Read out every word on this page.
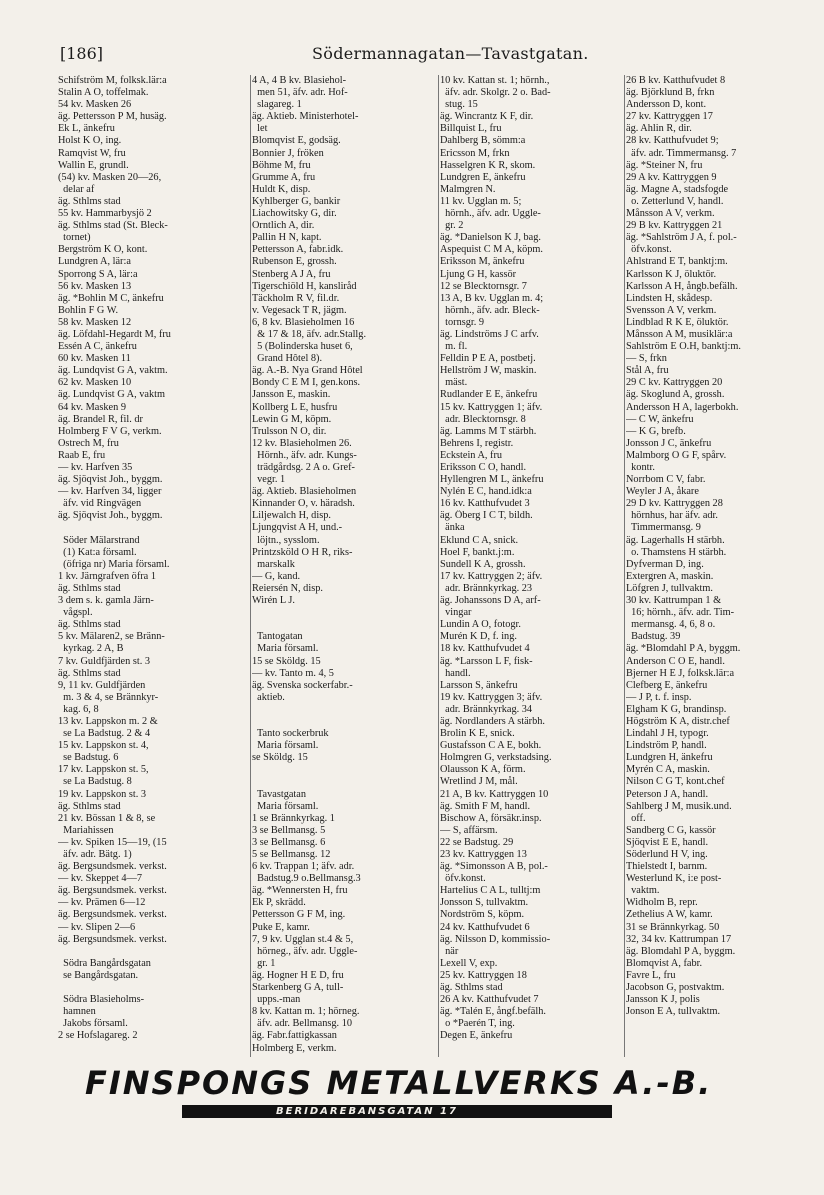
[186]	Södermannagatan—Tavastgatan.
Schifström M, folksk.lär:a
Stalin A O, toffelmak.
54 kv. Masken 26
äg. Pettersson P M, husäg.
Ek L, änkefru
Holst K O, ing.
Ramqvist W, fru
Wallin E, grundl.
(54) kv. Masken 20—26,
delar af
äg. Sthlms stad
55 kv. Hammarbysjö 2
äg. Sthlms stad (St. Bleck-
tornet)
Bergström K O, kont.
Lundgren A, lär:a
Sporrong S A, lär:a
56 kv. Masken 13
äg. *Bohlin M C, änkefru
Bohlin F G W.
58 kv. Masken 12
äg. Löfdahl-Hegardt M, fru
Essén A C, änkefru
60 kv. Masken 11
äg. Lundqvist G A, vaktm.
62 kv. Masken 10
äg. Lundqvist G A, vaktm
64 kv. Masken 9
äg. Brandel R, fil. dr
Holmberg F V G, verkm.
Ostrech M, fru
Raab E, fru
— kv. Harfven 35
äg. Sjöqvist Joh., byggm.
— kv. Harfven 34, ligger
äfv. vid Ringvägen
äg. Sjöqvist Joh., byggm.

Söder Mälarstrand
(1) Kat:a församl.
(öfriga nr) Maria församl.
1 kv. Järngrafven öfra 1
äg. Sthlms stad
3 dem s. k. gamla Järn-
vågspl.
äg. Sthlms stad
5 kv. Mälaren2, se Bränn-
kyrkag. 2 A, B
7 kv. Guldfjärden st. 3
äg. Sthlms stad
9, 11 kv. Guldfjärden
m. 3 & 4, se Brännkyr-
kag. 6, 8
13 kv. Lappskon m. 2 &
se La Badstug. 2 & 4
15 kv. Lappskon st. 4,
se Badstug. 6
17 kv. Lappskon st. 5,
se La Badstug. 8
19 kv. Lappskon st. 3
äg. Sthlms stad
21 kv. Bössan 1 & 8, se
Mariahissen
— kv. Spiken 15—19, (15
äfv. adr. Bätg. 1)
äg. Bergsundsmek. verkst.
— kv. Skeppet 4—7
äg. Bergsundsmek. verkst.
— kv. Prämen 6—12
äg. Bergsundsmek. verkst.
— kv. Slipen 2—6
äg. Bergsundsmek. verkst.

Södra Bangårdsgatan
se Bangårdsgatan.

Södra Blasieholms-
hamnen
Jakobs församl.
2 se Hofslagareg. 2
4 A, 4 B kv. Blasiehol-
men 51, äfv. adr. Hof-
slagareg. 1
äg. Aktieb. Ministerhotel-
let
Blomqvist E, godsäg.
Bonnier J, fröken
Böhme M, fru
Grumme A, fru
Huldt K, disp.
Kyhlberger G, bankir
Liachowitsky G, dir.
Orntlich A, dir.
Pallin H N, kapt.
Pettersson A, fabr.idk.
Rubenson E, grossh.
Stenberg A J A, fru
Tigerschiöld H, kanslіråd
Täckholm R V, fil.dr.
v. Vegesack T R, jägm.
6, 8 kv. Blasieholmen 16
& 17 & 18, äfv. adr.Stallg.
5 (Bolinderska huset 6,
Grand Hôtel 8).
äg. A.-B. Nya Grand Hôtel
Bondy C E M I, gen.kons.
Jansson E, maskin.
Kollberg L E, husfru
Lewin G M, köpm.
Trulsson N O, dir.
12 kv. Blasieholmen 26.
Hörnh., äfv. adr. Kungs-
trädgårdsg. 2 A o. Gref-
vegr. 1
äg. Aktieb. Blasieholmen
Kinnander O, v. häradsh.
Liljewalch H, disp.
Ljungqvist A H, und.-
löjtn., sysslom.
Printzsköld O H R, riks-
marskalk
— G, kand.
Reiersén N, disp.
Wirén L J.

Tantogatan
Maria församl.
15 se Sköldg. 15
— kv. Tanto m. 4, 5
äg. Svenska sockerfabr.-
aktieb.

Tanto sockerbruk
Maria församl.
se Sköldg. 15

Tavastgatan
Maria församl.
1 se Brännkyrkag. 1
3 se Bellmansg. 5
3 se Bellmansg. 6
5 se Bellmansg. 12
6 kv. Trappan 1; äfv. adr.
Badstug.9 o.Bellmansg.3
äg. *Wennersten H, fru
Ek P, skrädd.
Pettersson G F M, ing.
Puke E, kamr.
7, 9 kv. Ugglan st.4 & 5,
hörneg., äfv. adr. Uggle-
gr. 1
äg. Hogner H E D, fru
Starkenberg G A, tull-
upps.-man
8 kv. Kattan m. 1; hörneg.
äfv. adr. Bellmansg. 10
äg. Fabr.fattigkassan
Holmberg E, verkm.
10 kv. Kattan st. 1; hörnh.,
äfv. adr. Skolgr. 2 o. Bad-
stug. 15
äg. Wincrantz K F, dir.
Billquist L, fru
Dahlberg B, sömm:a
Ericsson M, frkn
Hasselgren K R, skom.
Lundgren E, änkefru
Malmgren N.
11 kv. Ugglan m. 5;
hörnh., äfv. adr. Uggle-
gr. 2
äg. *Danielson K J, bag.
Aspequist C M A, köpm.
Eriksson M, änkefru
Ljung G H, kassör
12 se Bleсktornsgr. 7
13 A, B kv. Ugglan m. 4;
hörnh., äfv. adr. Bleck-
tornsgr. 9
äg. Lindströms J C arfv.
m. fl.
Felldin P E A, postbetj.
Hellström J W, maskin.
mäst.
Rudlander E E, änkefru
15 kv. Kattryggen 1; äfv.
adr. Blecktornsgr. 8
äg. Lamms M T stärbh.
Behrens I, registr.
Eckstein A, fru
Eriksson C O, handl.
Hyllengren M L, änkefru
Nylén E C, hand.idk:a
16 kv. Katthufvudet 3
äg. Öberg I C T, bildh.
änka
Eklund C A, snick.
Hoel F, bankt.j:m.
Sundell K A, grossh.
17 kv. Kattryggen 2; äfv.
adr. Brännkyrkag. 23
äg. Johanssons D A, arf-
vingar
Lundin A O, fotogr.
Murén K D, f. ing.
18 kv. Katthufvudet 4
äg. *Larsson L F, fisk-
handl.
Larsson S, änkefru
19 kv. Kattryggen 3; äfv.
adr. Brännkyrkag. 34
äg. Nordlanders A stärbh.
Brolin K E, snick.
Gustafsson C A E, bokh.
Holmgren G, verkstadsing.
Olausson K A, förm.
Wretlind J M, mål.
21 A, B kv. Kattryggen 10
äg. Smith F M, handl.
Bischow A, försäkr.insp.
— S, affärsm.
22 se Badstug. 29
23 kv. Kattryggen 13
äg. *Simonsson A B, pol.-
öfv.konst.
Hartelius C A L, tulltj:m
Jonsson S, tullvaktm.
Nordström S, köpm.
24 kv. Katthufvudet 6
äg. Nilsson D, kommissio-
när
Lexell V, exp.
25 kv. Kattryggen 18
äg. Sthlms stad
26 A kv. Katthufvudet 7
äg. *Talén E, ångf.befälh.
o *Paerén T, ing.
Degen E, änkefru
26 B kv. Katthufvudet 8
äg. Björklund B, frkn
Andersson D, kont.
27 kv. Kattryggen 17
äg. Ahlin R, dir.
28 kv. Katthufvudet 9;
äfv. adr. Timmermansg. 7
äg. *Steiner N, fru
29 A kv. Kattryggen 9
äg. Magne A, stadsfogde
o. Zetterlund V, handl.
Månsson A V, verkm.
29 B kv. Kattryggen 21
äg. *Sahlström J A, f. pol.-
öfv.konst.
Ahlstrand E T, banktj:m.
Karlsson K J, öluktör.
Karlsson A H, ångb.befälh.
Lindsten H, skådesp.
Svensson A V, verkm.
Lindblad R K E, öluktör.
Månsson A M, musiklär:a
Sahlström E O.H, banktj:m.
— S, frkn
Stål A, fru
29 C kv. Kattryggen 20
äg. Skoglund A, grossh.
Andersson H A, lagerbokh.
— C W, änkefru
— K G, brefb.
Jonsson J C, änkefru
Malmborg O G F, spårv.
kontr.
Norrbom C V, fabr.
Weyler J A, åkare
29 D kv. Kattryggen 28
hörnhus, har äfv. adr.
Timmermansg. 9
äg. Lagerhalls H stärbh.
o. Thamstens H stärbh.
Dyfverman D, ing.
Extergren A, maskin.
Löfgren J, tullvaktm.
30 kv. Kattrumpan 1 &
16; hörnh., äfv. adr. Tim-
mermansg. 4, 6, 8 o.
Badstug. 39
äg. *Blomdahl P A, byggm.
Anderson C O E, handl.
Bjerner H E J, folksk.lär:a
Clefberg E, änkefru
— J P, t. f. insp.
Elgham K G, brandinsp.
Högström K A, distr.chef
Lindahl J H, typogr.
Lindström P, handl.
Lundgren H, änkefru
Myrén C A, maskin.
Nilson C G T, kont.chef
Peterson J A, handl.
Sahlberg J M, musik.und.
off.
Sandberg C G, kassör
Sjöqvist E E, handl.
Söderlund H V, ing.
Thielstedt I, barnm.
Westerlund K, i:e post-
vaktm.
Widholm B, repr.
Zethelius A W, kamr.
31 se Brännkyrkag. 50
32, 34 kv. Kattrumpan 17
äg. Blomdahl P A, byggm.
Blomqvist A, fabr.
Favre L, fru
Jacobson G, postvaktm.
Jansson K J, polis
Jonson E A, tullvaktm.
FINSPONGS METALLVERKS A.-B.
BERIDAREBANSGATAN 17
